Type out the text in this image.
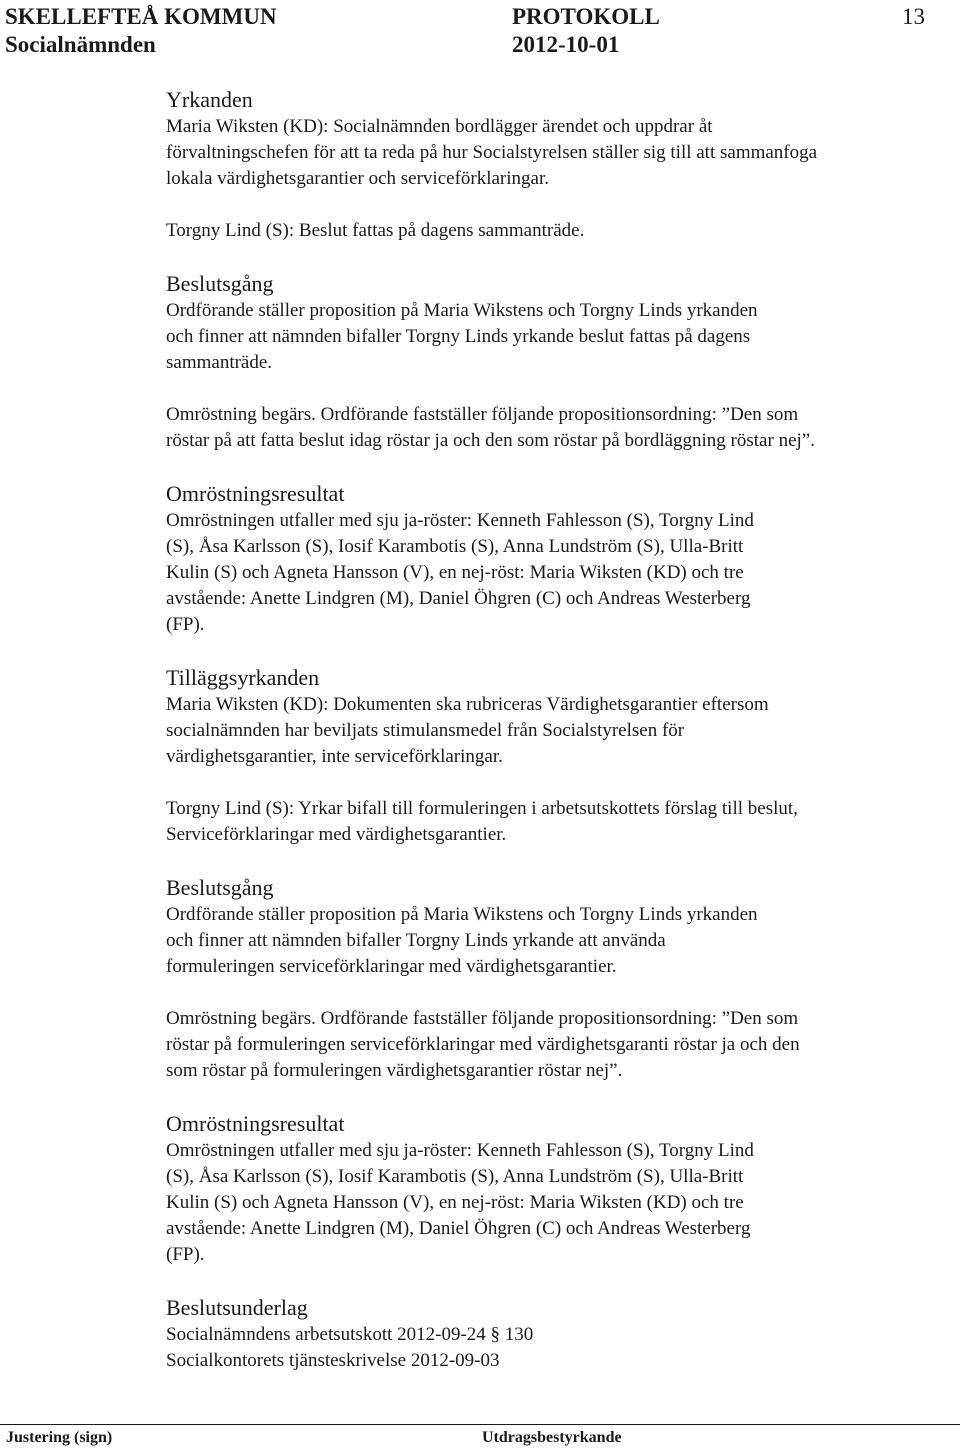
SKELLEFTEÅ KOMMUN
Socialnämnden
PROTOKOLL
2012-10-01
13
Yrkanden

Maria Wiksten (KD): Socialnämnden bordlägger ärendet och uppdrar åt

förvaltningschefen för att ta reda på hur Socialstyrelsen ställer sig till att sammanfoga

lokala värdighetsgarantier och serviceförklaringar.

Torgny Lind (S): Beslut fattas på dagens sammanträde.

Beslutsgång

Ordförande ställer proposition på Maria Wikstens och Torgny Linds yrkanden

och finner att nämnden bifaller Torgny Linds yrkande beslut fattas på dagens

sammanträde.

Omröstning begärs. Ordförande fastställer följande propositionsordning: ”Den som

röstar på att fatta beslut idag röstar ja och den som röstar på bordläggning röstar nej”.

Omröstningsresultat

Omröstningen utfaller med sju ja-röster: Kenneth Fahlesson (S), Torgny Lind

(S), Åsa Karlsson (S), Iosif Karambotis (S), Anna Lundström (S), Ulla-Britt

Kulin (S) och Agneta Hansson (V), en nej-röst: Maria Wiksten (KD) och tre

avstående: Anette Lindgren (M), Daniel Öhgren (C) och Andreas Westerberg

(FP).

Tilläggsyrkanden

Maria Wiksten (KD): Dokumenten ska rubriceras Värdighetsgarantier eftersom

socialnämnden har beviljats stimulansmedel från Socialstyrelsen för

värdighetsgarantier, inte serviceförklaringar.

Torgny Lind (S): Yrkar bifall till formuleringen i arbetsutskottets förslag till beslut,

Serviceförklaringar med värdighetsgarantier.

Beslutsgång

Ordförande ställer proposition på Maria Wikstens och Torgny Linds yrkanden

och finner att nämnden bifaller Torgny Linds yrkande att använda

formuleringen serviceförklaringar med värdighetsgarantier.

Omröstning begärs. Ordförande fastställer följande propositionsordning: ”Den som

röstar på formuleringen serviceförklaringar med värdighetsgaranti röstar ja och den

som röstar på formuleringen värdighetsgarantier röstar nej”.

Omröstningsresultat

Omröstningen utfaller med sju ja-röster: Kenneth Fahlesson (S), Torgny Lind

(S), Åsa Karlsson (S), Iosif Karambotis (S), Anna Lundström (S), Ulla-Britt

Kulin (S) och Agneta Hansson (V), en nej-röst: Maria Wiksten (KD) och tre

avstående: Anette Lindgren (M), Daniel Öhgren (C) och Andreas Westerberg

(FP).

Beslutsunderlag

Socialnämndens arbetsutskott 2012-09-24 § 130

Socialkontorets tjänsteskrivelse 2012-09-03

Justering (sign)	Utdragsbestyrkande
